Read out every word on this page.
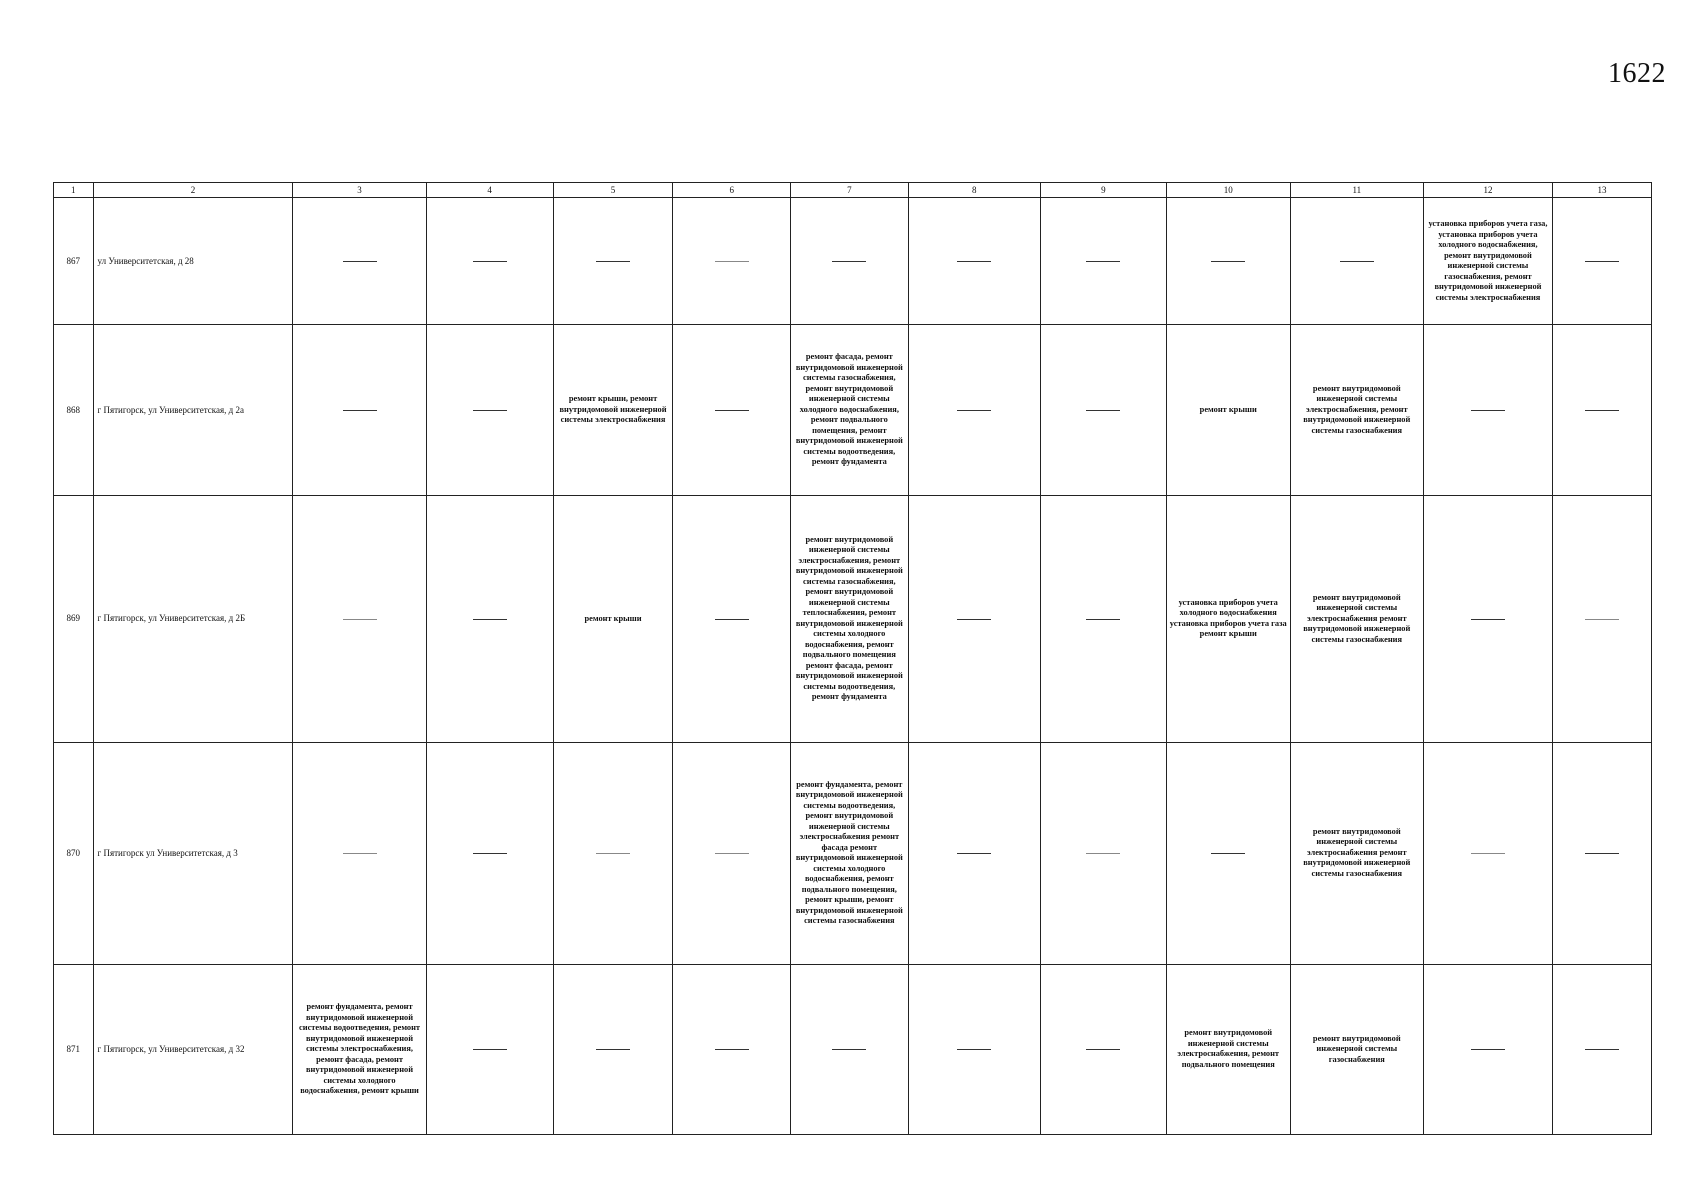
1622
1	2	3	4	5	6	7	8	9	10	11	12	13
867	ул Университетская, д 28										установка приборов учета газа, установка приборов учета холодного водоснабжения, ремонт внутридомовой инженерной системы газоснабжения, ремонт внутридомовой инженерной системы электроснабжения	
868	г Пятигорск, ул Университетская, д 2а			ремонт крыши, ремонт внутридомовой инженерной системы электроснабжения		ремонт фасада, ремонт внутридомовой инженерной системы газоснабжения, ремонт внутридомовой инженерной системы холодного водоснабжения, ремонт подвального помещения, ремонт внутридомовой инженерной системы водоотведения, ремонт фундамента			ремонт крыши	ремонт внутридомовой инженерной системы электроснабжения, ремонт внутридомовой инженерной системы газоснабжения		
869	г Пятигорск, ул Университетская, д 2Б			ремонт крыши		ремонт внутридомовой инженерной системы электроснабжения, ремонт внутридомовой инженерной системы газоснабжения, ремонт внутридомовой инженерной системы теплоснабжения, ремонт внутридомовой инженерной системы холодного водоснабжения, ремонт подвального помещения ремонт фасада, ремонт внутридомовой инженерной системы водоотведения, ремонт фундамента			установка приборов учета холодного водоснабжения установка приборов учета газа ремонт крыши	ремонт внутридомовой инженерной системы электроснабжения ремонт внутридомовой инженерной системы газоснабжения		
870	г Пятигорск ул Университетская, д 3					ремонт фундамента, ремонт внутридомовой инженерной системы водоотведения, ремонт внутридомовой инженерной системы электроснабжения ремонт фасада ремонт внутридомовой инженерной системы холодного водоснабжения, ремонт подвального помещения, ремонт крыши, ремонт внутридомовой инженерной системы газоснабжения				ремонт внутридомовой инженерной системы электроснабжения ремонт внутридомовой инженерной системы газоснабжения		
871	г Пятигорск, ул Университетская, д 32	ремонт фундамента, ремонт внутридомовой инженерной системы водоотведения, ремонт внутридомовой инженерной системы электроснабжения, ремонт фасада, ремонт внутридомовой инженерной системы холодного водоснабжения, ремонт крыши							ремонт внутридомовой инженерной системы электроснабжения, ремонт подвального помещения	ремонт внутридомовой инженерной системы газоснабжения		
